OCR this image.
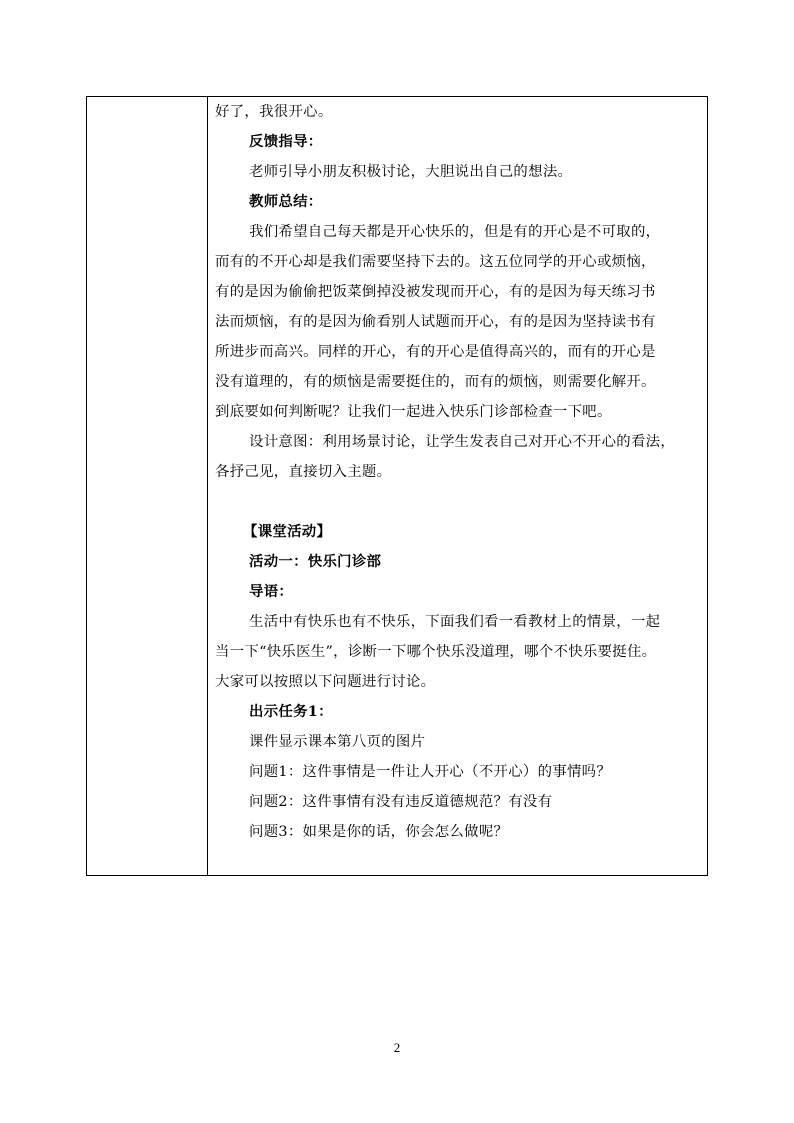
好了，我很开心。
反馈指导：
老师引导小朋友积极讨论，大胆说出自己的想法。
教师总结：
我们希望自己每天都是开心快乐的，但是有的开心是不可取的，
而有的不开心却是我们需要坚持下去的。这五位同学的开心或烦恼，
有的是因为偷偷把饭菜倒掉没被发现而开心，有的是因为每天练习书
法而烦恼，有的是因为偷看别人试题而开心，有的是因为坚持读书有
所进步而高兴。同样的开心，有的开心是值得高兴的，而有的开心是
没有道理的，有的烦恼是需要挺住的，而有的烦恼，则需要化解开。
到底要如何判断呢？让我们一起进入快乐门诊部检查一下吧。
设计意图：利用场景讨论，让学生发表自己对开心不开心的看法，
各抒己见，直接切入主题。
【课堂活动】
活动一：快乐门诊部
导语：
生活中有快乐也有不快乐，下面我们看一看教材上的情景，一起
当一下“快乐医生”，诊断一下哪个快乐没道理，哪个不快乐要挺住。
大家可以按照以下问题进行讨论。
出示任务1：
课件显示课本第八页的图片
问题1：这件事情是一件让人开心（不开心）的事情吗？
问题2：这件事情有没有违反道德规范？有没有
问题3：如果是你的话，你会怎么做呢？
2
